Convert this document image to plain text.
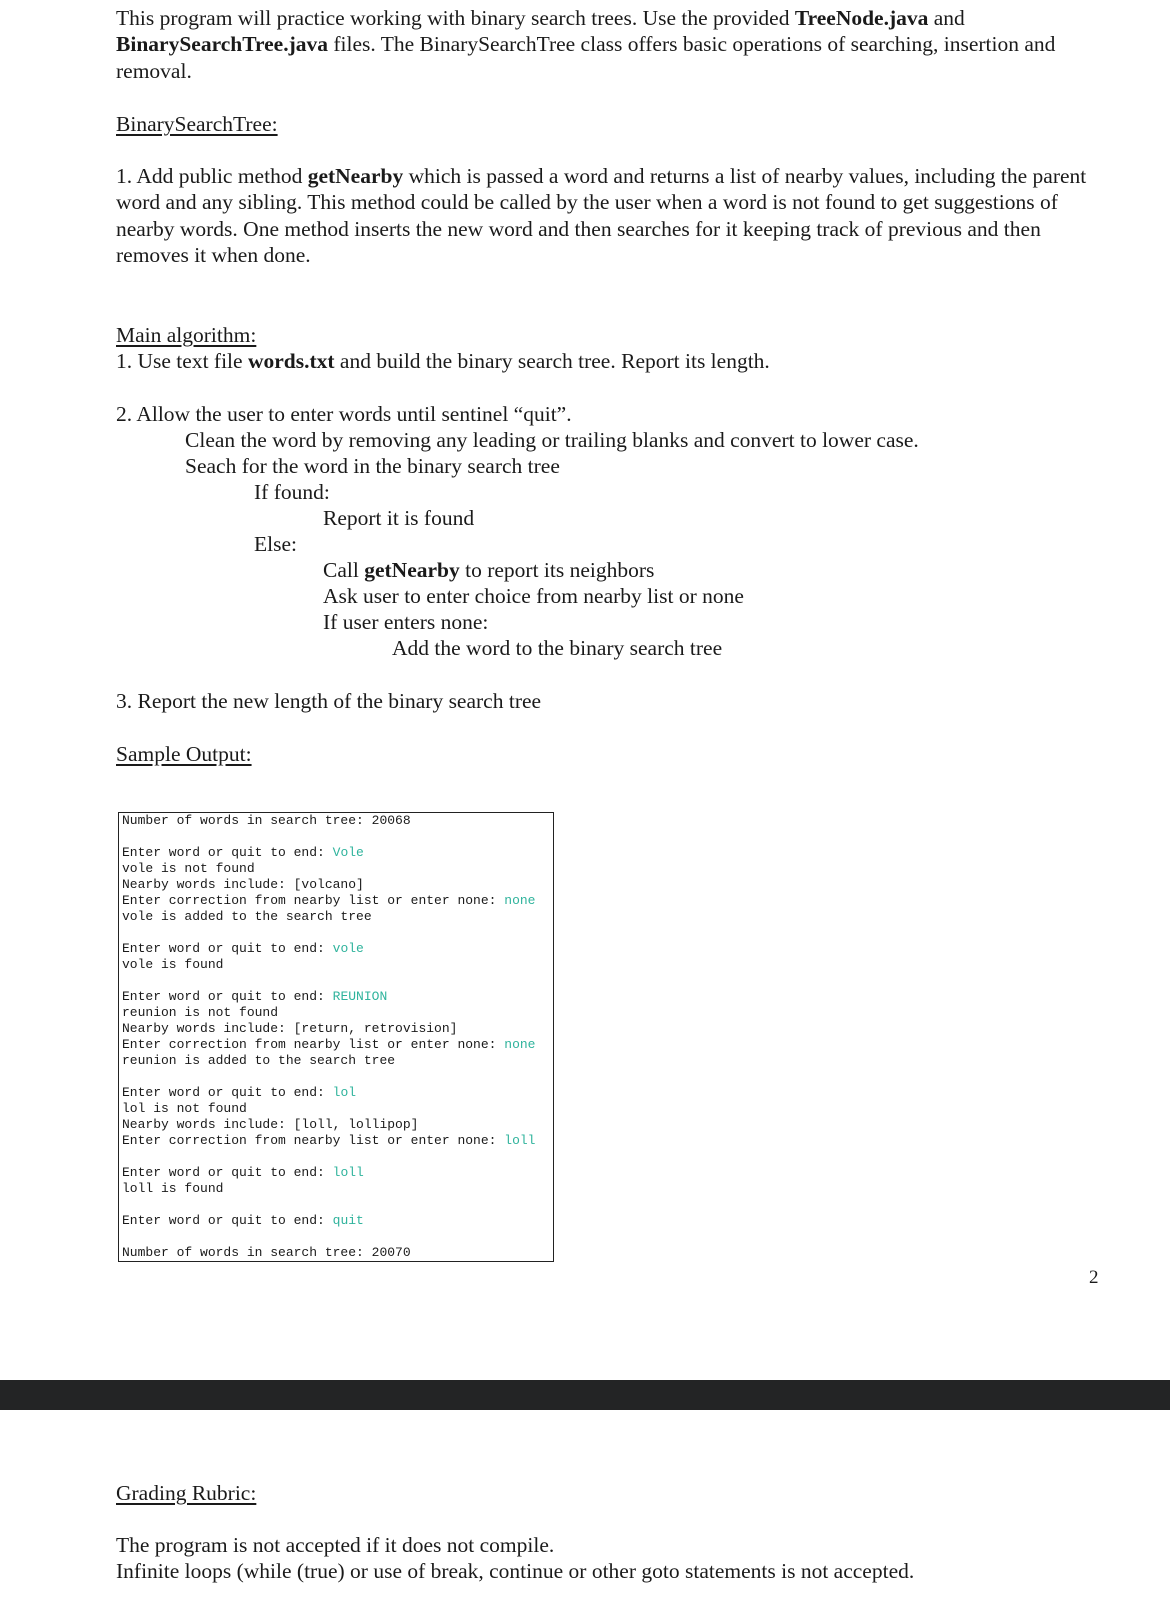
This program will practice working with binary search trees. Use the provided TreeNode.java and BinarySearchTree.java files. The BinarySearchTree class offers basic operations of searching, insertion and removal.

BinarySearchTree:

1. Add public method getNearby which is passed a word and returns a list of nearby values, including the parent word and any sibling. This method could be called by the user when a word is not found to get suggestions of nearby words. One method inserts the new word and then searches for it keeping track of previous and then removes it when done.

Main algorithm:

1. Use text file words.txt and build the binary search tree. Report its length.

2. Allow the user to enter words until sentinel “quit”.

Clean the word by removing any leading or trailing blanks and convert to lower case.

Seach for the word in the binary search tree

If found:

Report it is found

Else:

Call getNearby to report its neighbors

Ask user to enter choice from nearby list or none

If user enters none:

Add the word to the binary search tree

3. Report the new length of the binary search tree

Sample Output:

Number of words in search tree: 20068
Enter word or quit to end: Vole
vole is not found
Nearby words include: [volcano]
Enter correction from nearby list or enter none: none
vole is added to the search tree
Enter word or quit to end: vole
vole is found
Enter word or quit to end: REUNION
reunion is not found
Nearby words include: [return, retrovision]
Enter correction from nearby list or enter none: none
reunion is added to the search tree
Enter word or quit to end: lol
lol is not found
Nearby words include: [loll, lollipop]
Enter correction from nearby list or enter none: loll
Enter word or quit to end: loll
loll is found
Enter word or quit to end: quit
Number of words in search tree: 20070
2

Grading Rubric:

The program is not accepted if it does not compile.

Infinite loops (while (true) or use of break, continue or other goto statements is not accepted.
